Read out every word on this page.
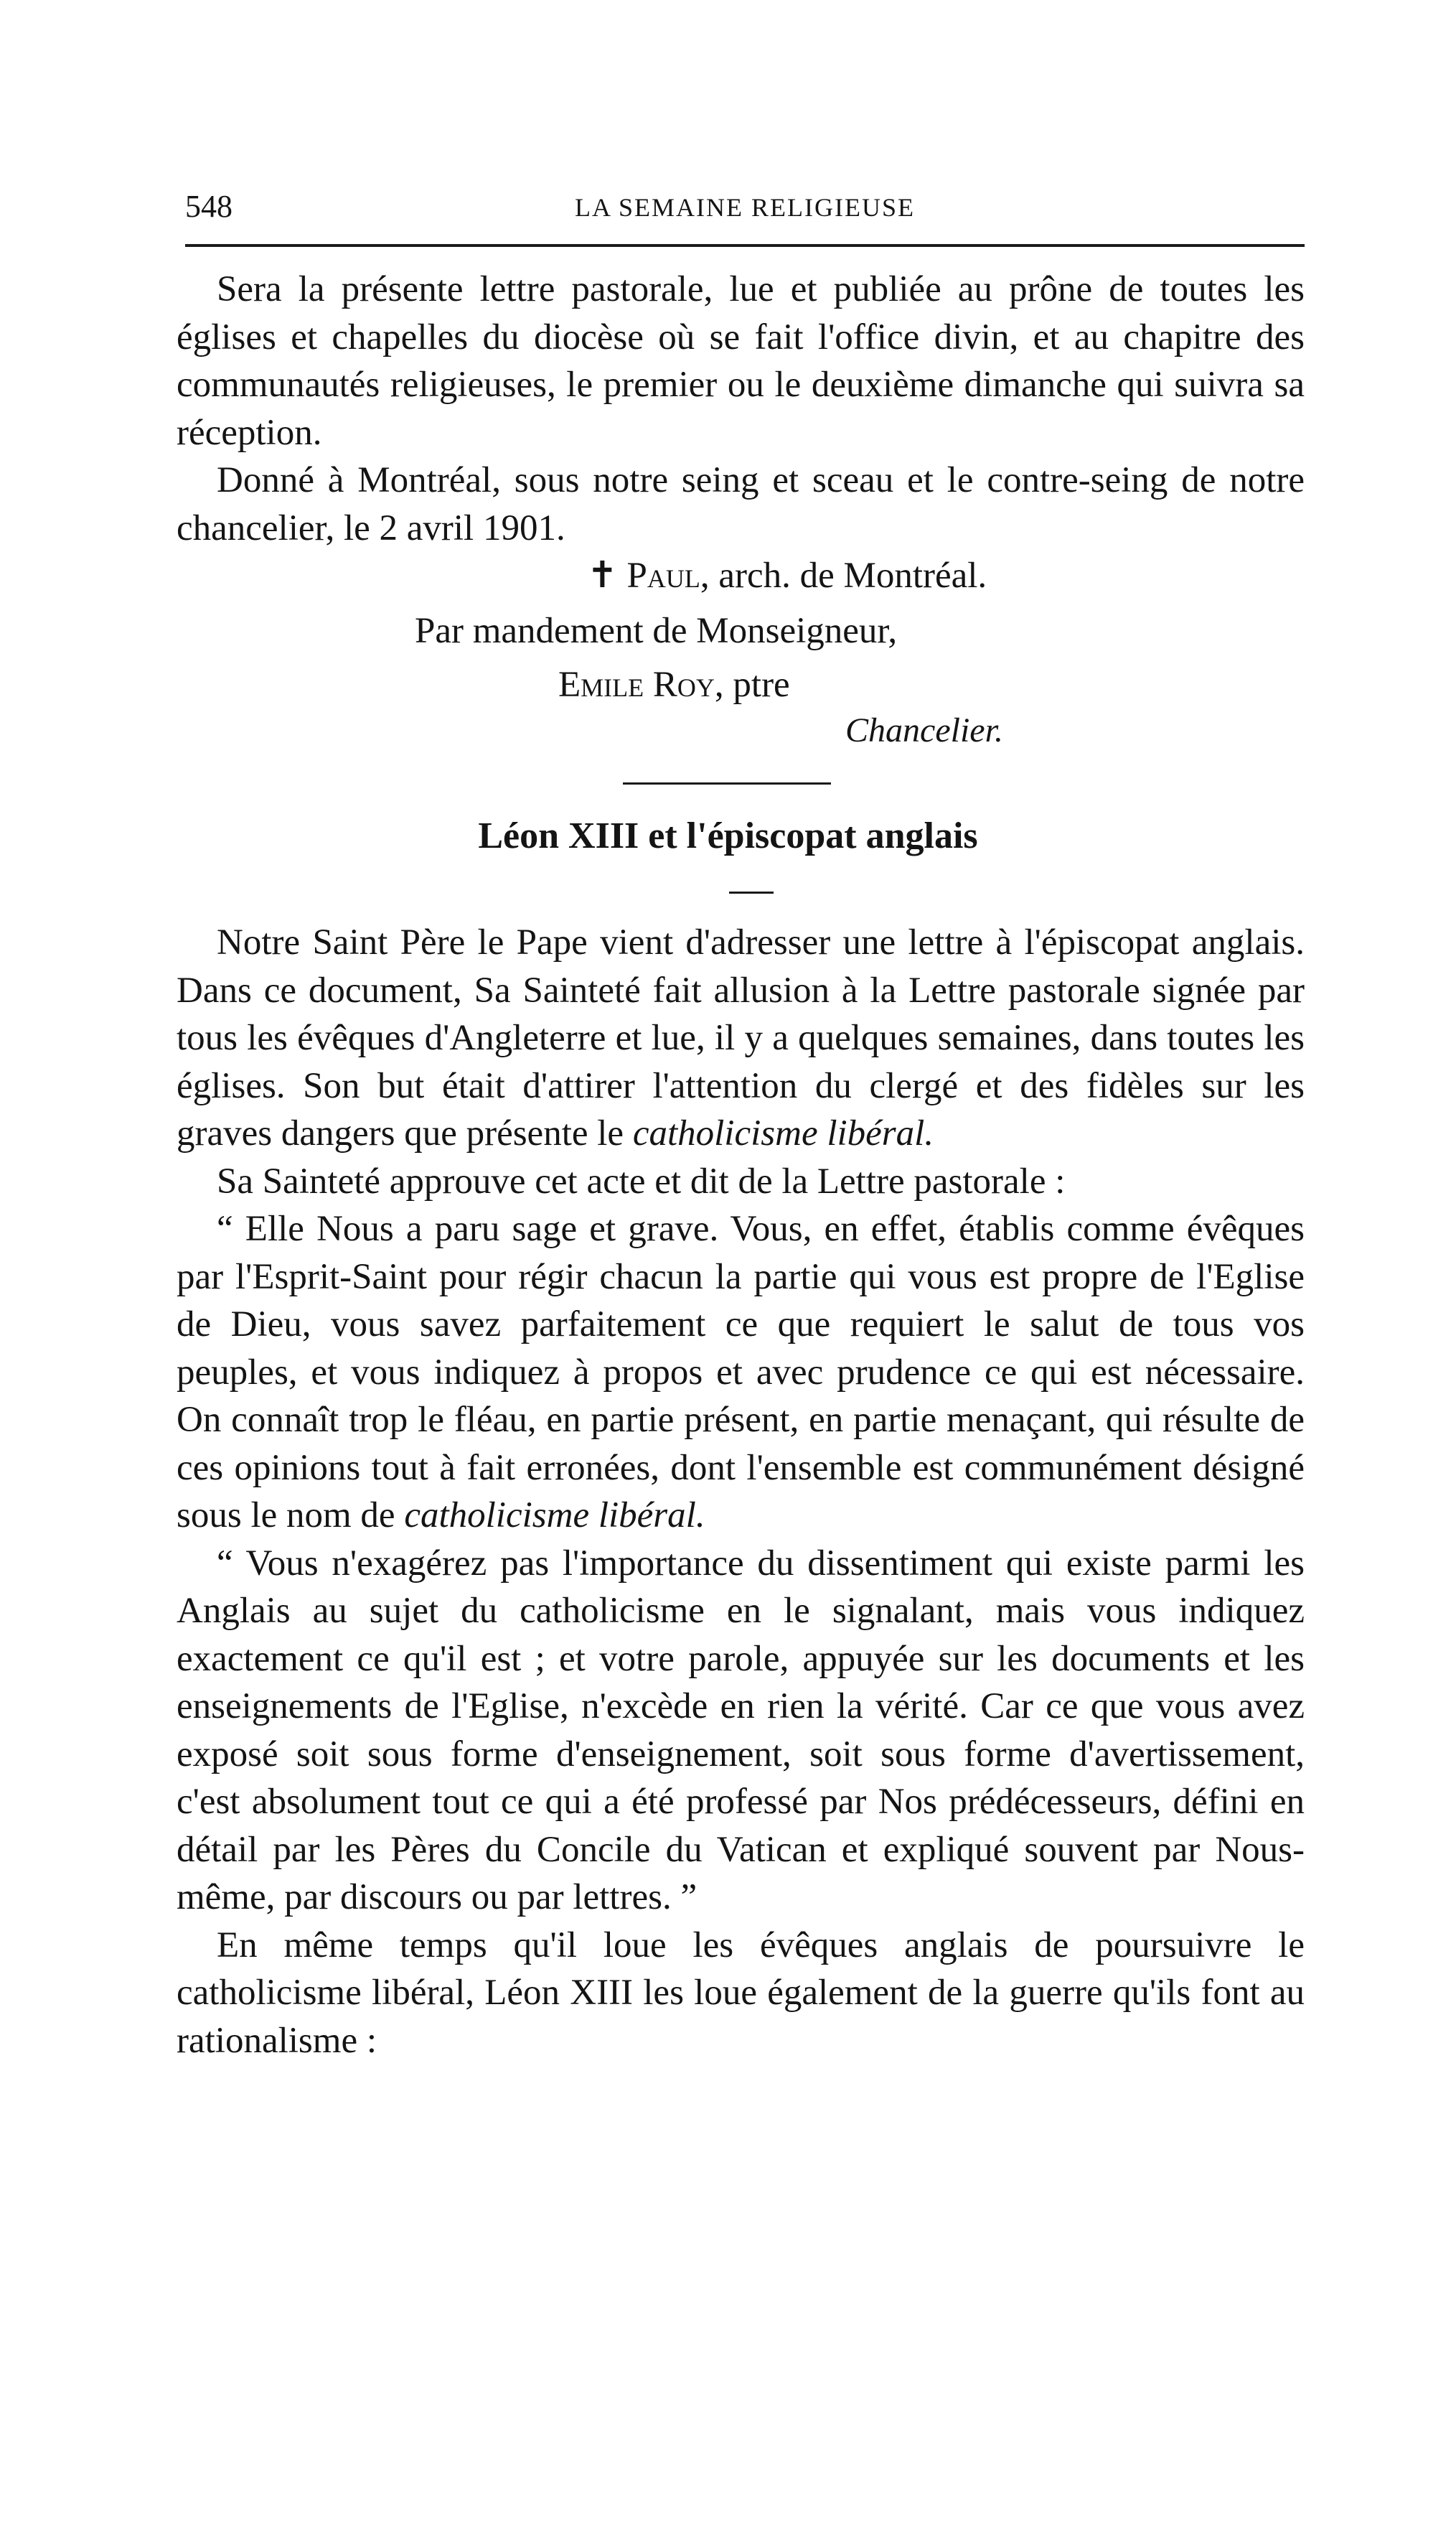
548	LA SEMAINE RELIGIEUSE

Sera la présente lettre pastorale, lue et publiée au prône de toutes les églises et chapelles du diocèse où se fait l'office divin, et au chapitre des communautés religieuses, le premier ou le deuxième dimanche qui suivra sa réception.

Donné à Montréal, sous notre seing et sceau et le contre-seing de notre chancelier, le 2 avril 1901.

✝ Paul, arch. de Montréal.
Par mandement de Monseigneur,
Emile Roy, ptre
Chancelier.
Léon XIII et l'épiscopat anglais

Notre Saint Père le Pape vient d'adresser une lettre à l'épiscopat anglais. Dans ce document, Sa Sainteté fait allusion à la Lettre pastorale signée par tous les évêques d'Angleterre et lue, il y a quelques semaines, dans toutes les églises. Son but était d'attirer l'attention du clergé et des fidèles sur les graves dangers que présente le catholicisme libéral.

Sa Sainteté approuve cet acte et dit de la Lettre pastorale :

“ Elle Nous a paru sage et grave. Vous, en effet, établis comme évêques par l'Esprit-Saint pour régir chacun la partie qui vous est propre de l'Eglise de Dieu, vous savez parfaitement ce que requiert le salut de tous vos peuples, et vous indiquez à propos et avec prudence ce qui est nécessaire. On connaît trop le fléau, en partie présent, en partie menaçant, qui résulte de ces opinions tout à fait erronées, dont l'ensemble est communément désigné sous le nom de catholicisme libéral.

“ Vous n'exagérez pas l'importance du dissentiment qui existe parmi les Anglais au sujet du catholicisme en le signalant, mais vous indiquez exactement ce qu'il est ; et votre parole, appuyée sur les documents et les enseignements de l'Eglise, n'excède en rien la vérité. Car ce que vous avez exposé soit sous forme d'enseignement, soit sous forme d'avertissement, c'est absolument tout ce qui a été professé par Nos prédécesseurs, défini en détail par les Pères du Concile du Vatican et expliqué souvent par Nous-même, par discours ou par lettres. ”

En même temps qu'il loue les évêques anglais de poursuivre le catholicisme libéral, Léon XIII les loue également de la guerre qu'ils font au rationalisme :
